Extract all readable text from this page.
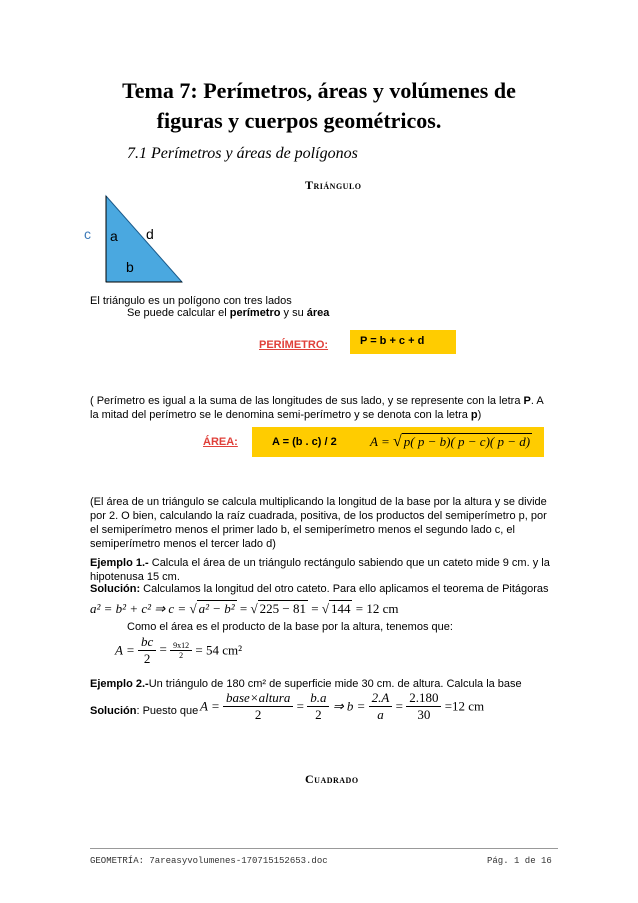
Tema 7: Perímetros, áreas y volúmenes de
figuras y cuerpos geométricos.
7.1 Perímetros y áreas de polígonos
Triángulo
c a d
b
El triángulo es un polígono con tres lados
Se puede calcular el perímetro y su área
PERÍMETRO:	P = b + c + d
( Perímetro es igual a la suma de las longitudes de sus lado, y se represente con la letra P. A la mitad del perímetro se le denomina semi-perímetro y se denota con la letra p)
ÁREA:	A = (b . c) / 2	A = √ p( p − b)( p − c)( p − d)
(El área de un triángulo se calcula multiplicando la longitud de la base por la altura y se divide por 2. O bien, calculando la raíz cuadrada, positiva, de los productos del semiperímetro p, por el semiperímetro menos el primer lado b, el semiperímetro menos el segundo lado c, el semiperímetro menos el tercer lado d)
Ejemplo 1.- Calcula el área de un triángulo rectángulo sabiendo que un cateto mide 9 cm. y la hipotenusa 15 cm.
Solución: Calculamos la longitud del otro cateto. Para ello aplicamos el teorema de Pitágoras
a² = b² + c² ⇒ c = √ a² − b² = √ 225 − 81 = √ 144 = 12 cm
Como el área es el producto de la base por la altura, tenemos que:
$A = \frac{bc}{2} = \frac{9x12}{2} = 54$ cm²
Ejemplo 2.-Un triángulo de 180 cm² de superficie mide 30 cm. de altura. Calcula la base
Solución: Puesto que $A = \frac{\text{base×altura}}{2} = \frac{b.a}{2}$ ⇒ $b = \frac{2.A}{a} = \frac{2.180}{30} =12$ cm
Cuadrado
GEOMETRÍA: 7areasyvolumenes-170715152653.doc	Pág. 1 de 16
